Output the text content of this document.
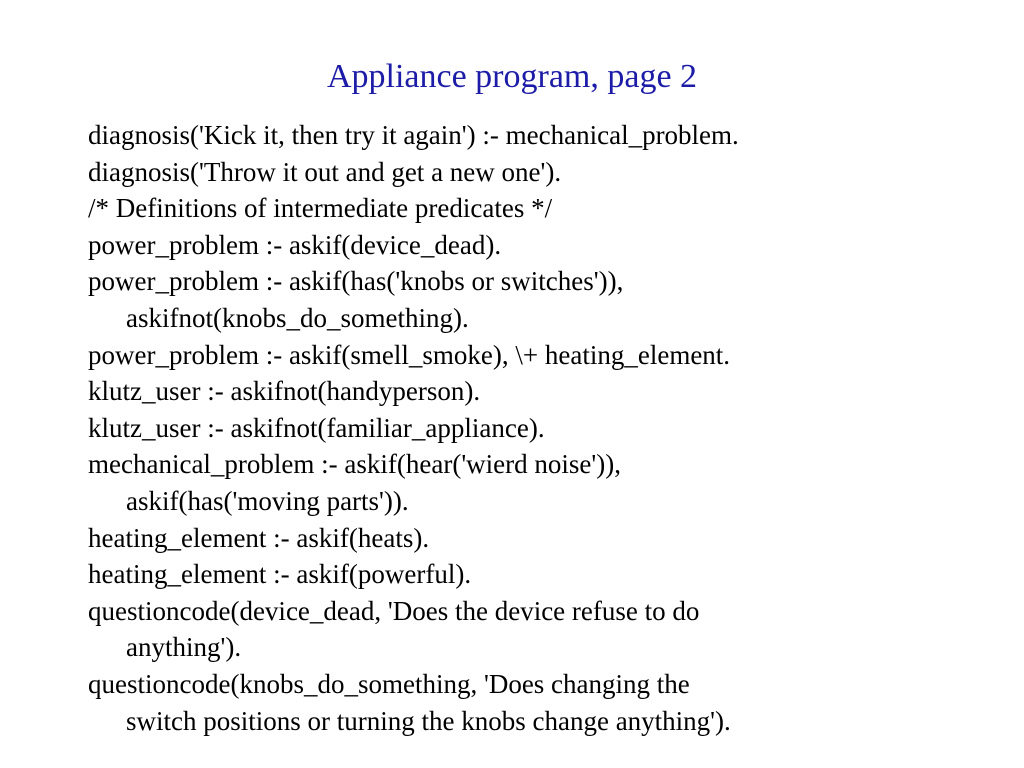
Appliance program, page 2
diagnosis('Kick it, then try it again') :- mechanical_problem.
diagnosis('Throw it out and get a new one').
/* Definitions of intermediate predicates */
power_problem :- askif(device_dead).
power_problem :- askif(has('knobs or switches')),
askifnot(knobs_do_something).
power_problem :- askif(smell_smoke), \+ heating_element.
klutz_user :- askifnot(handyperson).
klutz_user :- askifnot(familiar_appliance).
mechanical_problem :- askif(hear('wierd noise')),
askif(has('moving parts')).
heating_element :- askif(heats).
heating_element :- askif(powerful).
questioncode(device_dead, 'Does the device refuse to do
anything').
questioncode(knobs_do_something, 'Does changing the
switch positions or turning the knobs change anything').
